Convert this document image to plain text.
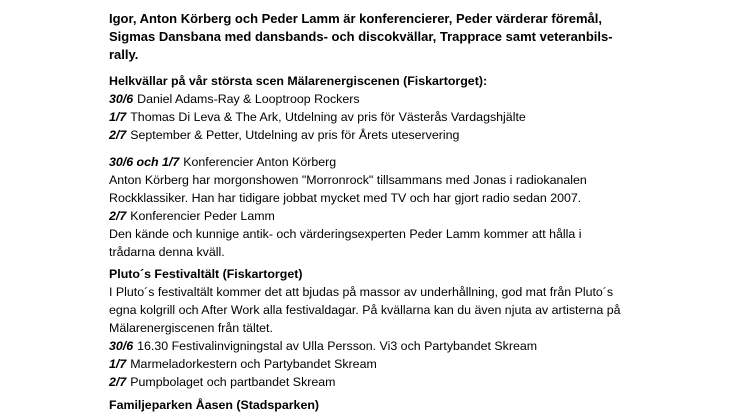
Igor, Anton Körberg och Peder Lamm är konferencierer, Peder värderar föremål,
Sigmas Dansbana med dansbands- och discokvällar, Trapprace samt veteranbils-
rally.
Helkvällar på vår största scen Mälarenergiscenen (Fiskartorget):
30/6 Daniel Adams-Ray & Looptroop Rockers
1/7 Thomas Di Leva & The Ark, Utdelning av pris för Västerås Vardagshjälte
2/7 September & Petter, Utdelning av pris för Årets uteservering
30/6 och 1/7 Konferencier Anton Körberg
Anton Körberg har morgonshowen "Morronrock" tillsammans med Jonas i radiokanalen
Rockklassiker. Han har tidigare jobbat mycket med TV och har gjort radio sedan 2007.
2/7 Konferencier Peder Lamm
Den kände och kunnige antik- och värderingsexperten Peder Lamm kommer att hålla i
trådarna denna kväll.
Pluto´s Festivaltält (Fiskartorget)
I Pluto´s festivaltält kommer det att bjudas på massor av underhållning, god mat från Pluto´s
egna kolgrill och After Work alla festivaldagar. På kvällarna kan du även njuta av artisterna på
Mälarenergiscenen från tältet.
30/6 16.30 Festivalinvigningstal av Ulla Persson. Vi3 och Partybandet Skream
1/7 Marmeladorkestern och Partybandet Skream
2/7 Pumpbolaget och partbandet Skream
Familjeparken Åasen (Stadsparken)
